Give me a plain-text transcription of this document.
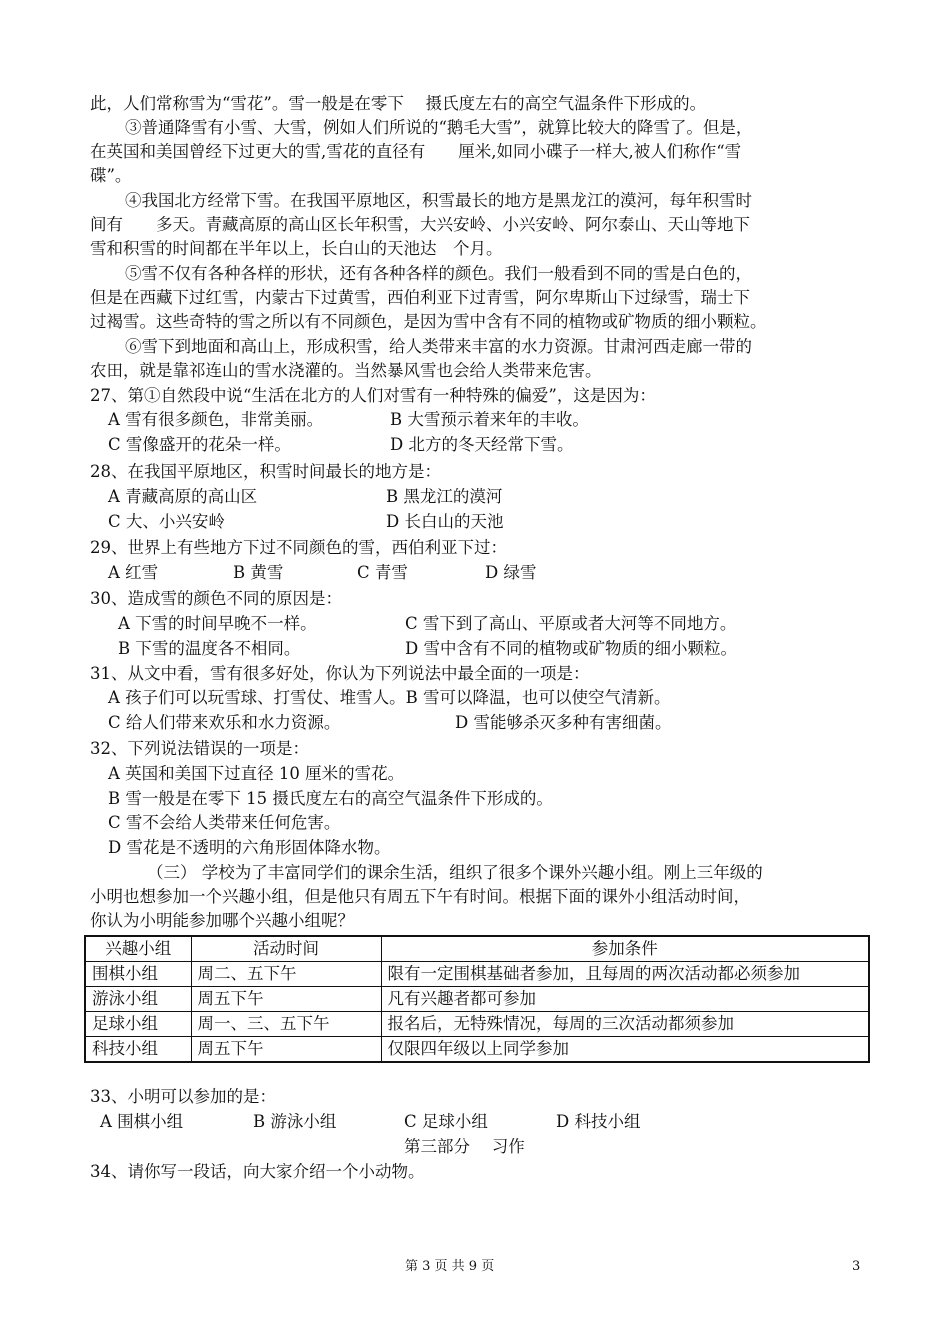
此，人们常称雪为“雪花”。雪一般是在零下　 摄氏度左右的高空气温条件下形成的。
③普通降雪有小雪、大雪，例如人们所说的“鹅毛大雪”，就算比较大的降雪了。但是，
在英国和美国曾经下过更大的雪,雪花的直径有　　厘米,如同小碟子一样大,被人们称作“雪
碟”。
④我国北方经常下雪。在我国平原地区，积雪最长的地方是黑龙江的漠河，每年积雪时
间有　　多天。青藏高原的高山区长年积雪，大兴安岭、小兴安岭、阿尔泰山、天山等地下
雪和积雪的时间都在半年以上，长白山的天池达　个月。
⑤雪不仅有各种各样的形状，还有各种各样的颜色。我们一般看到不同的雪是白色的，
但是在西藏下过红雪，内蒙古下过黄雪，西伯利亚下过青雪，阿尔卑斯山下过绿雪，瑞士下
过褐雪。这些奇特的雪之所以有不同颜色，是因为雪中含有不同的植物或矿物质的细小颗粒。
⑥雪下到地面和高山上，形成积雪，给人类带来丰富的水力资源。甘肃河西走廊一带的
农田，就是靠祁连山的雪水浇灌的。当然暴风雪也会给人类带来危害。
27、第①自然段中说“生活在北方的人们对雪有一种特殊的偏爱”，这是因为：
A 雪有很多颜色，非常美丽。	B 大雪预示着来年的丰收。
C 雪像盛开的花朵一样。	D 北方的冬天经常下雪。
28、在我国平原地区，积雪时间最长的地方是：
A 青藏高原的高山区	B 黑龙江的漠河
C 大、小兴安岭	D 长白山的天池
29、世界上有些地方下过不同颜色的雪，西伯利亚下过：
A 红雪	B 黄雪	C 青雪	D 绿雪
30、造成雪的颜色不同的原因是：
A 下雪的时间早晚不一样。	C 雪下到了高山、平原或者大河等不同地方。
B 下雪的温度各不相同。	D 雪中含有不同的植物或矿物质的细小颗粒。
31、从文中看，雪有很多好处，你认为下列说法中最全面的一项是：
A 孩子们可以玩雪球、打雪仗、堆雪人。B 雪可以降温，也可以使空气清新。
C 给人们带来欢乐和水力资源。	D 雪能够杀灭多种有害细菌。
32、下列说法错误的一项是：
A 英国和美国下过直径 10 厘米的雪花。
B 雪一般是在零下 15 摄氏度左右的高空气温条件下形成的。
C 雪不会给人类带来任何危害。
D 雪花是不透明的六角形固体降水物。
（三） 学校为了丰富同学们的课余生活，组织了很多个课外兴趣小组。刚上三年级的
小明也想参加一个兴趣小组，但是他只有周五下午有时间。根据下面的课外小组活动时间，
你认为小明能参加哪个兴趣小组呢？
兴趣小组	活动时间	参加条件
围棋小组	周二、五下午	限有一定围棋基础者参加，且每周的两次活动都必须参加
游泳小组	周五下午	凡有兴趣者都可参加
足球小组	周一、三、五下午	报名后，无特殊情况，每周的三次活动都须参加
科技小组	周五下午	仅限四年级以上同学参加
33、小明可以参加的是：
A 围棋小组	B 游泳小组	C 足球小组	D 科技小组
第三部分　 习作
34、请你写一段话，向大家介绍一个小动物。
第 3 页 共 9 页	3
